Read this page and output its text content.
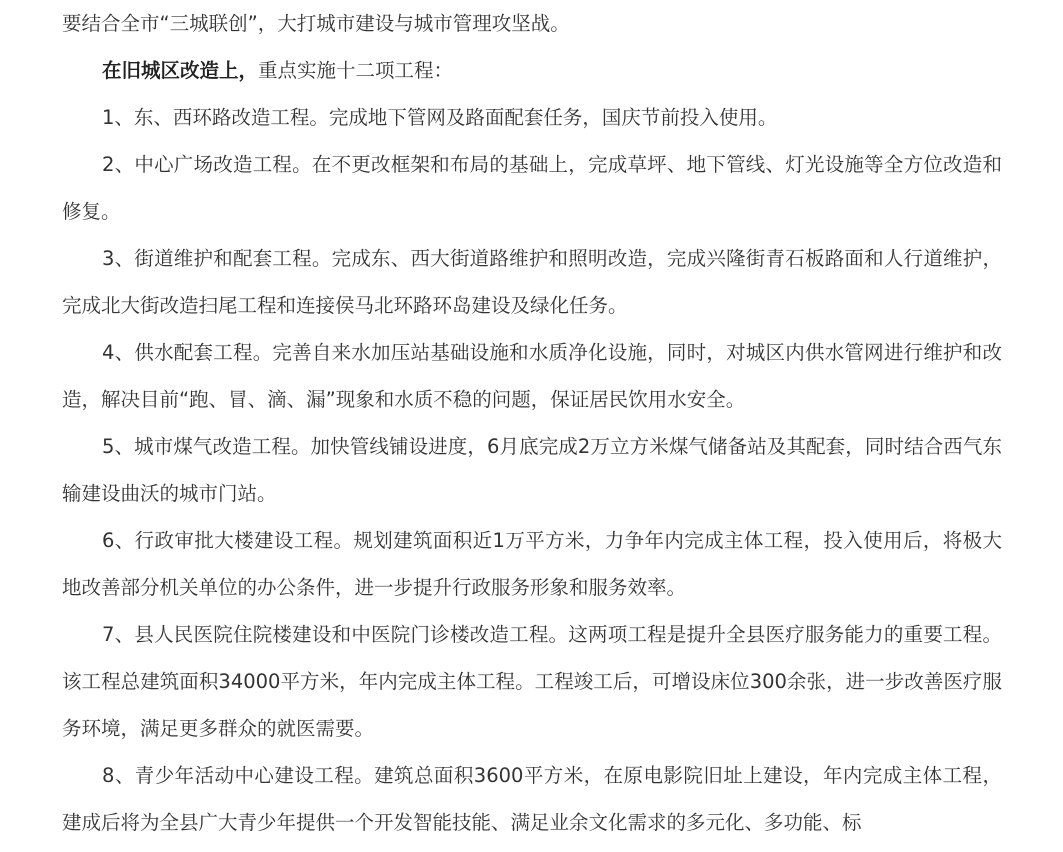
要结合全市“三城联创”，大打城市建设与城市管理攻坚战。

在旧城区改造上，重点实施十二项工程：

1、东、西环路改造工程。完成地下管网及路面配套任务，国庆节前投入使用。

2、中心广场改造工程。在不更改框架和布局的基础上，完成草坪、地下管线、灯光设施等全方位改造和修复。

3、街道维护和配套工程。完成东、西大街道路维护和照明改造，完成兴隆街青石板路面和人行道维护，完成北大街改造扫尾工程和连接侯马北环路环岛建设及绿化任务。

4、供水配套工程。完善自来水加压站基础设施和水质净化设施，同时，对城区内供水管网进行维护和改造，解决目前“跑、冒、滴、漏”现象和水质不稳的问题，保证居民饮用水安全。

5、城市煤气改造工程。加快管线铺设进度，6月底完成2万立方米煤气储备站及其配套，同时结合西气东输建设曲沃的城市门站。

6、行政审批大楼建设工程。规划建筑面积近1万平方米，力争年内完成主体工程，投入使用后，将极大地改善部分机关单位的办公条件，进一步提升行政服务形象和服务效率。

7、县人民医院住院楼建设和中医院门诊楼改造工程。这两项工程是提升全县医疗服务能力的重要工程。该工程总建筑面积34000平方米，年内完成主体工程。工程竣工后，可增设床位300余张，进一步改善医疗服务环境，满足更多群众的就医需要。

8、青少年活动中心建设工程。建筑总面积3600平方米，在原电影院旧址上建设，年内完成主体工程，建成后将为全县广大青少年提供一个开发智能技能、满足业余文化需求的多元化、多功能、标
